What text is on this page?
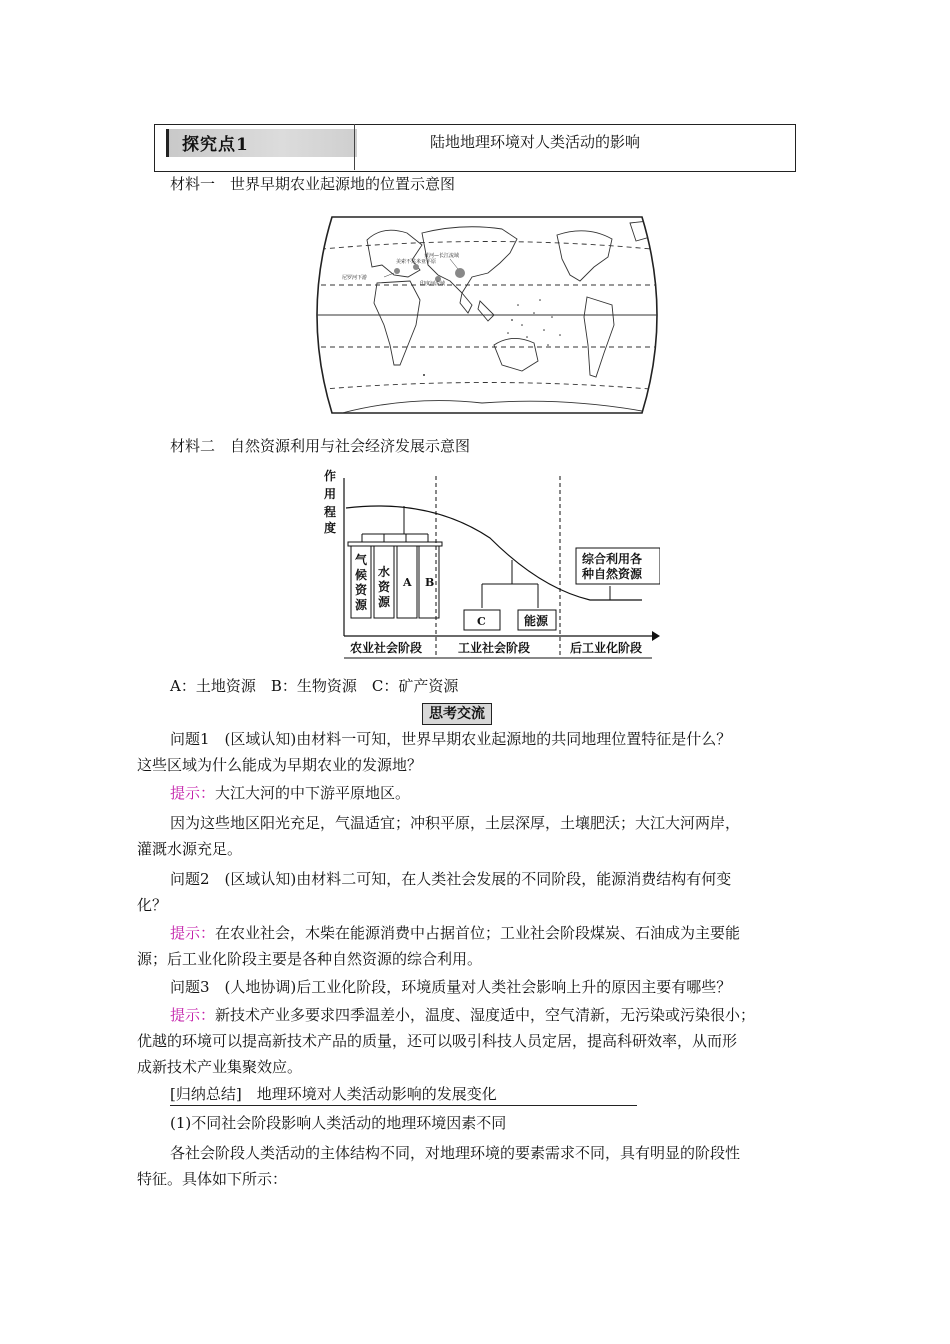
探究点1	陆地地理环境对人类活动的影响
材料一　世界早期农业起源地的位置示意图
尼罗河下游
美索不达米亚平原
印度河流域
黄河—长江流域
材料二　自然资源利用与社会经济发展示意图
作
用
程
度
气候资源
水资源
A B
C	能源
综合利用各
种自然资源
农业社会阶段	工业社会阶段	后工业化阶段
A：土地资源　B：生物资源　C：矿产资源
思考交流
问题1　(区域认知)由材料一可知，世界早期农业起源地的共同地理位置特征是什么？
这些区域为什么能成为早期农业的发源地？
提示：大江大河的中下游平原地区。
因为这些地区阳光充足，气温适宜；冲积平原，土层深厚，土壤肥沃；大江大河两岸，
灌溉水源充足。
问题2　(区域认知)由材料二可知，在人类社会发展的不同阶段，能源消费结构有何变
化？
提示：在农业社会，木柴在能源消费中占据首位；工业社会阶段煤炭、石油成为主要能
源；后工业化阶段主要是各种自然资源的综合利用。
问题3　(人地协调)后工业化阶段，环境质量对人类社会影响上升的原因主要有哪些？
提示：新技术产业多要求四季温差小，温度、湿度适中，空气清新，无污染或污染很小；
优越的环境可以提高新技术产品的质量，还可以吸引科技人员定居，提高科研效率，从而形
成新技术产业集聚效应。
[归纳总结]　地理环境对人类活动影响的发展变化
(1)不同社会阶段影响人类活动的地理环境因素不同
各社会阶段人类活动的主体结构不同，对地理环境的要素需求不同，具有明显的阶段性
特征。具体如下所示：
